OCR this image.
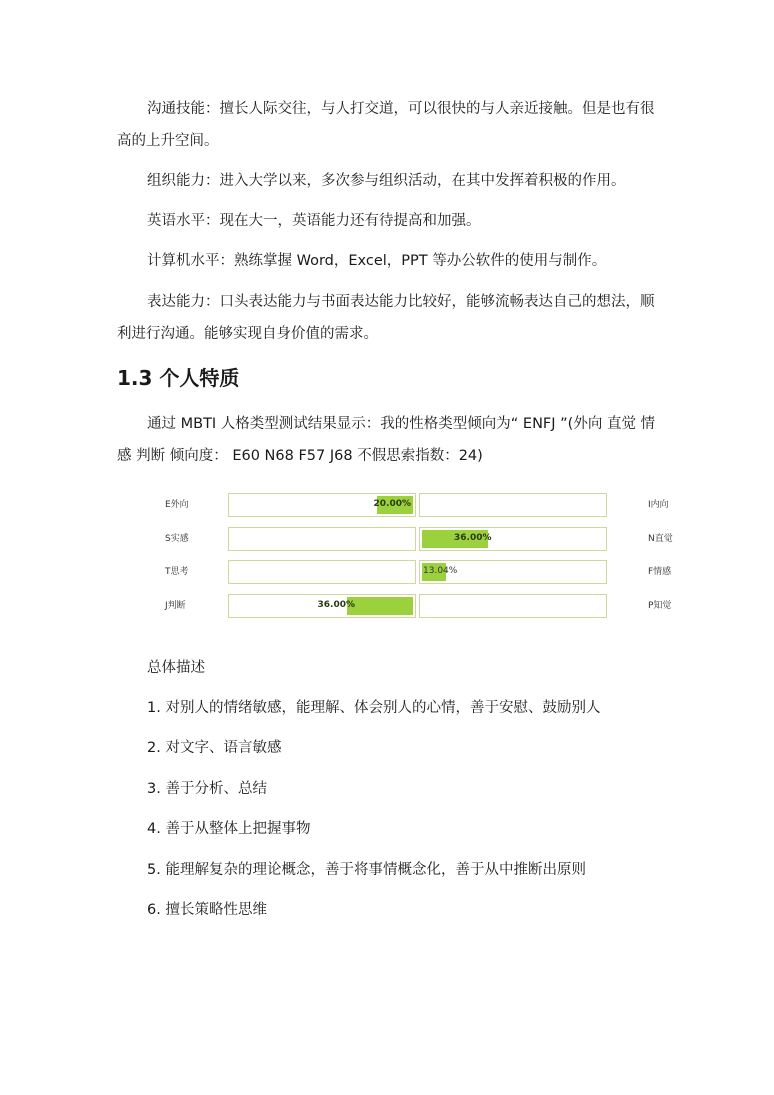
沟通技能：擅长人际交往，与人打交道，可以很快的与人亲近接触。但是也有很高的上升空间。

组织能力：进入大学以来，多次参与组织活动，在其中发挥着积极的作用。

英语水平：现在大一，英语能力还有待提高和加强。

计算机水平：熟练掌握 Word，Excel，PPT 等办公软件的使用与制作。

表达能力：口头表达能力与书面表达能力比较好，能够流畅表达自己的想法，顺利进行沟通。能够实现自身价值的需求。

1.3 个人特质

通过 MBTI 人格类型测试结果显示：我的性格类型倾向为“ ENFJ ”(外向 直觉 情感 判断 倾向度： E60 N68 F57 J68 不假思索指数：24)

E外向	20.00%	I内向
S实感	36.00%	N直觉
T思考	13.04%	F情感
J判断	36.00%	P知觉

总体描述

1. 对别人的情绪敏感，能理解、体会别人的心情，善于安慰、鼓励别人

2. 对文字、语言敏感

3. 善于分析、总结

4. 善于从整体上把握事物

5. 能理解复杂的理论概念，善于将事情概念化，善于从中推断出原则

6. 擅长策略性思维
